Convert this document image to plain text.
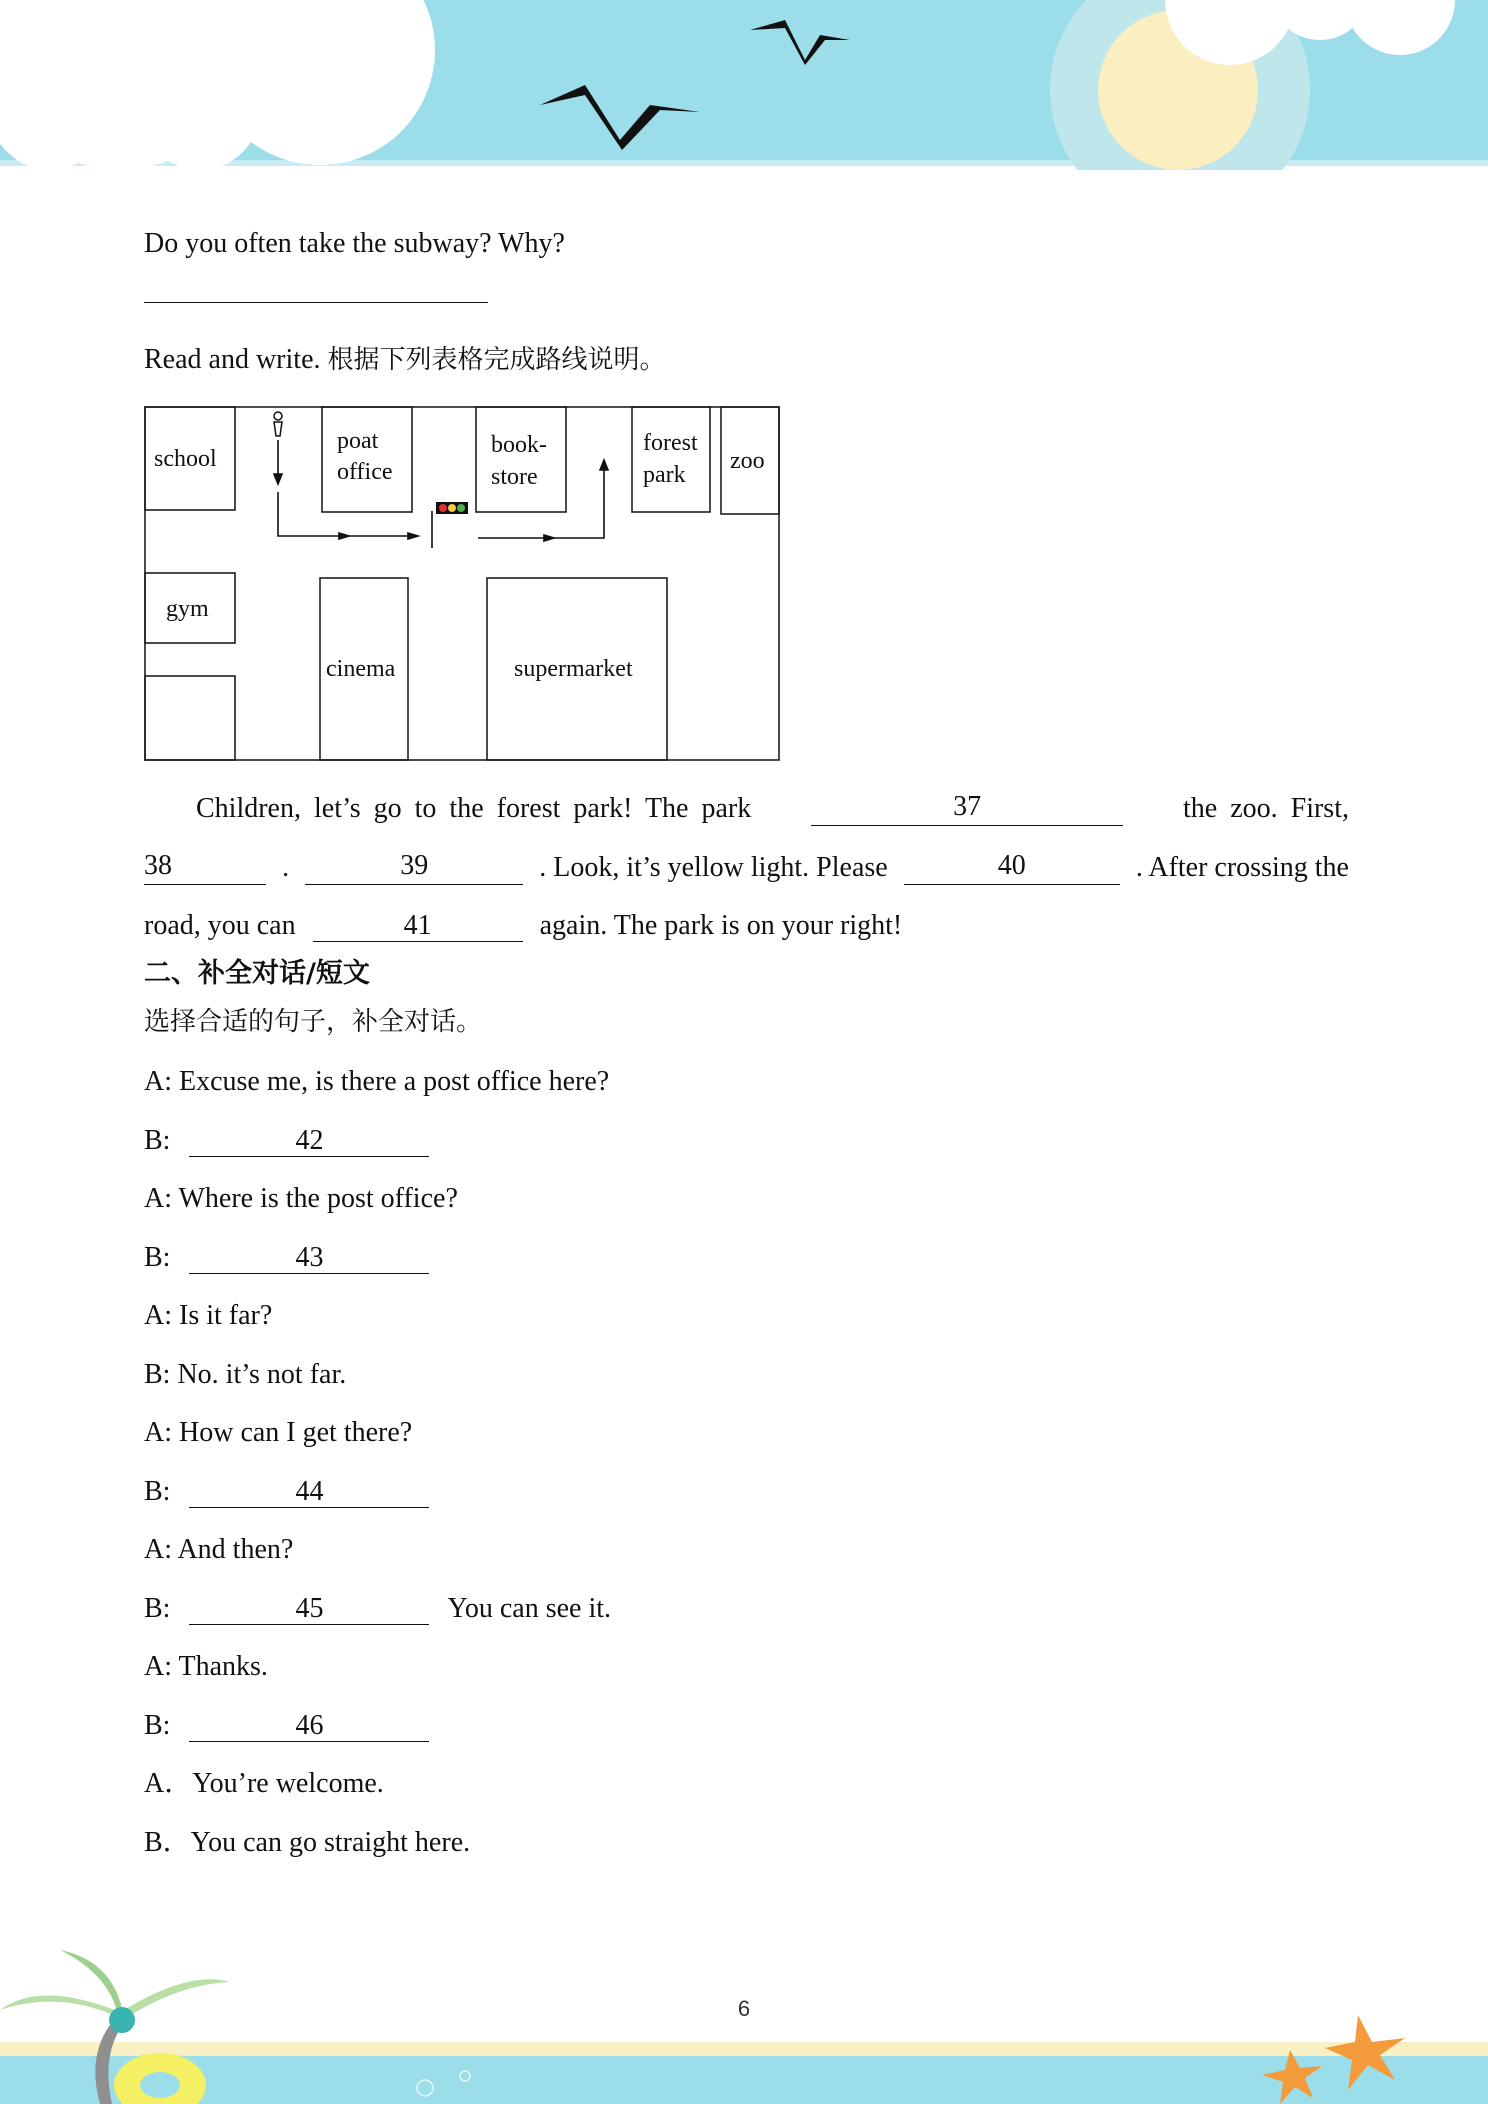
Do you often take the subway? Why?

Read and write. 根据下列表格完成路线说明。
school
poat
office
book-
store
forest
park
zoo
gym
cinema	supermarket
Children, let’s go to the forest park! The park	37	the zoo. First,
38	.	39	. Look, it’s yellow light. Please	40	. After crossing the
road, you can	41	again. The park is on your right!
二、补全对话/短文
选择合适的句子，补全对话。
A: Excuse me, is there a post office here?
B:	42
A: Where is the post office?
B:	43
A: Is it far?
B: No. it’s not far.
A: How can I get there?
B:	44
A: And then?
B:	45	You can see it.
A: Thanks.
B:	46
A．You’re welcome.
B．You can go straight here.
6
